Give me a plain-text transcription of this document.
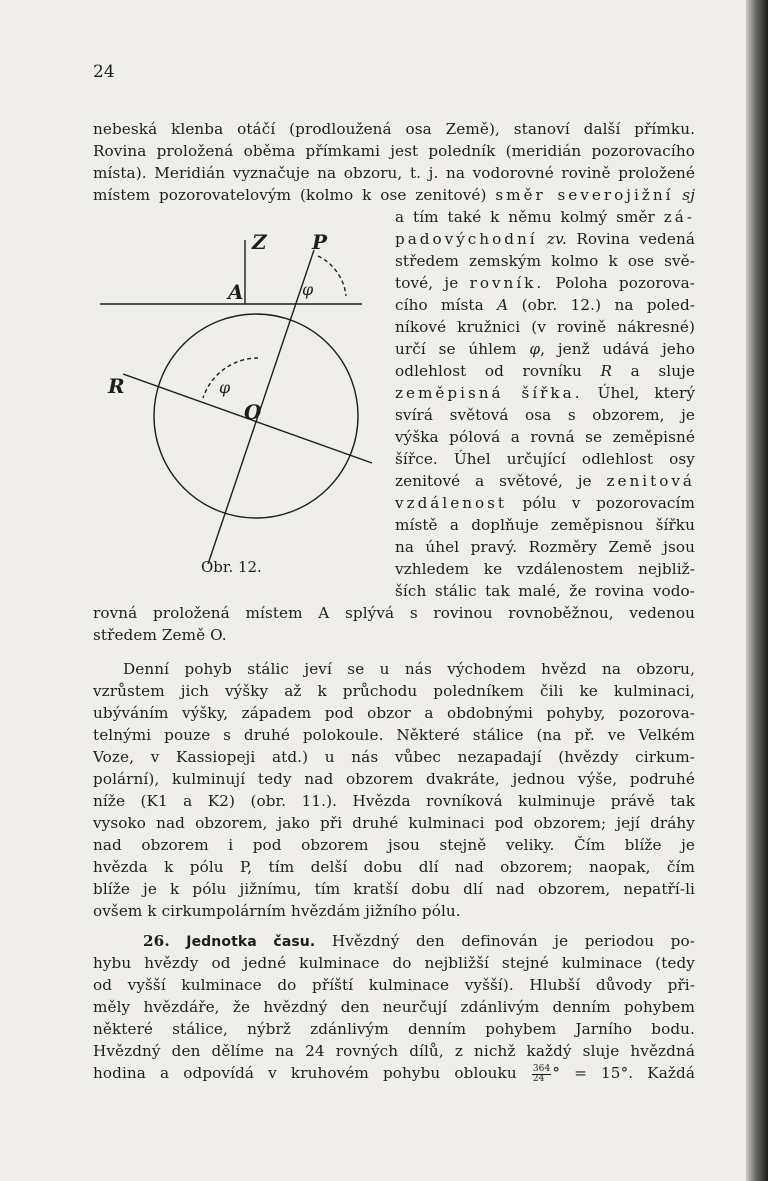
24

nebeská klenba otáčí (prodloužená osa Země), stanoví další přímku.

Rovina proložená oběma přímkami jest poledník (meridián pozorovacího

místa). Meridián vyznačuje na obzoru, t. j. na vodorovné rovině proložené

místem pozorovatelovým (kolmo k ose zenitové) směr severojižní sj

Z P
A
R
O
φ
φ
Obr. 12.

a tím také k němu kolmý směr zá-

padovýchodní zv. Rovina vedená

středem zemským kolmo k ose svě-

tové, je rovník. Poloha pozorova-

cího místa A (obr. 12.) na poled-

níkové kružnici (v rovině nákresné)

určí se úhlem φ, jenž udává jeho

odlehlost od rovníku R a sluje

zeměpisná šířka. Úhel, který

svírá světová osa s obzorem, je

výška pólová a rovná se zeměpisné

šířce. Úhel určující odlehlost osy

zenitové a světové, je zenitová

vzdálenost pólu v pozorovacím

místě a doplňuje zeměpisnou šířku

na úhel pravý. Rozměry Země jsou

vzhledem ke vzdálenostem nejbliž-

ších stálic tak malé, že rovina vodo-

rovná proložená místem A splývá s rovinou rovnoběžnou, vedenou

středem Země O.

Denní pohyb stálic jeví se u nás východem hvězd na obzoru,

vzrůstem jich výšky až k průchodu poledníkem čili ke kulminaci,

ubýváním výšky, západem pod obzor a obdobnými pohyby, pozorova-

telnými pouze s druhé polokoule. Některé stálice (na př. ve Velkém

Voze, v Kassiopeji atd.) u nás vůbec nezapadají (hvězdy cirkum-

polární), kulminují tedy nad obzorem dvakráte, jednou výše, podruhé

níže (K1 a K2) (obr. 11.). Hvězda rovníková kulminuje právě tak

vysoko nad obzorem, jako při druhé kulminaci pod obzorem; její dráhy

nad obzorem i pod obzorem jsou stejně veliky. Čím blíže je

hvězda k pólu P, tím delší dobu dlí nad obzorem; naopak, čím

blíže je k pólu jižnímu, tím kratší dobu dlí nad obzorem, nepatří-li

ovšem k cirkumpolárním hvězdám jižního pólu.

26. Jednotka času. Hvězdný den definován je periodou po-

hybu hvězdy od jedné kulminace do nejbližší stejné kulminace (tedy

od vyšší kulminace do příští kulminace vyšší). Hlubší důvody při-

měly hvězdáře, že hvězdný den neurčují zdánlivým denním pohybem

některé stálice, nýbrž zdánlivým denním pohybem Jarního bodu.

Hvězdný den dělíme na 24 rovných dílů, z nichž každý sluje hvězdná

hodina a odpovídá v kruhovém pohybu oblouku $\frac{364}{24}$ ° = 15°. Každá
